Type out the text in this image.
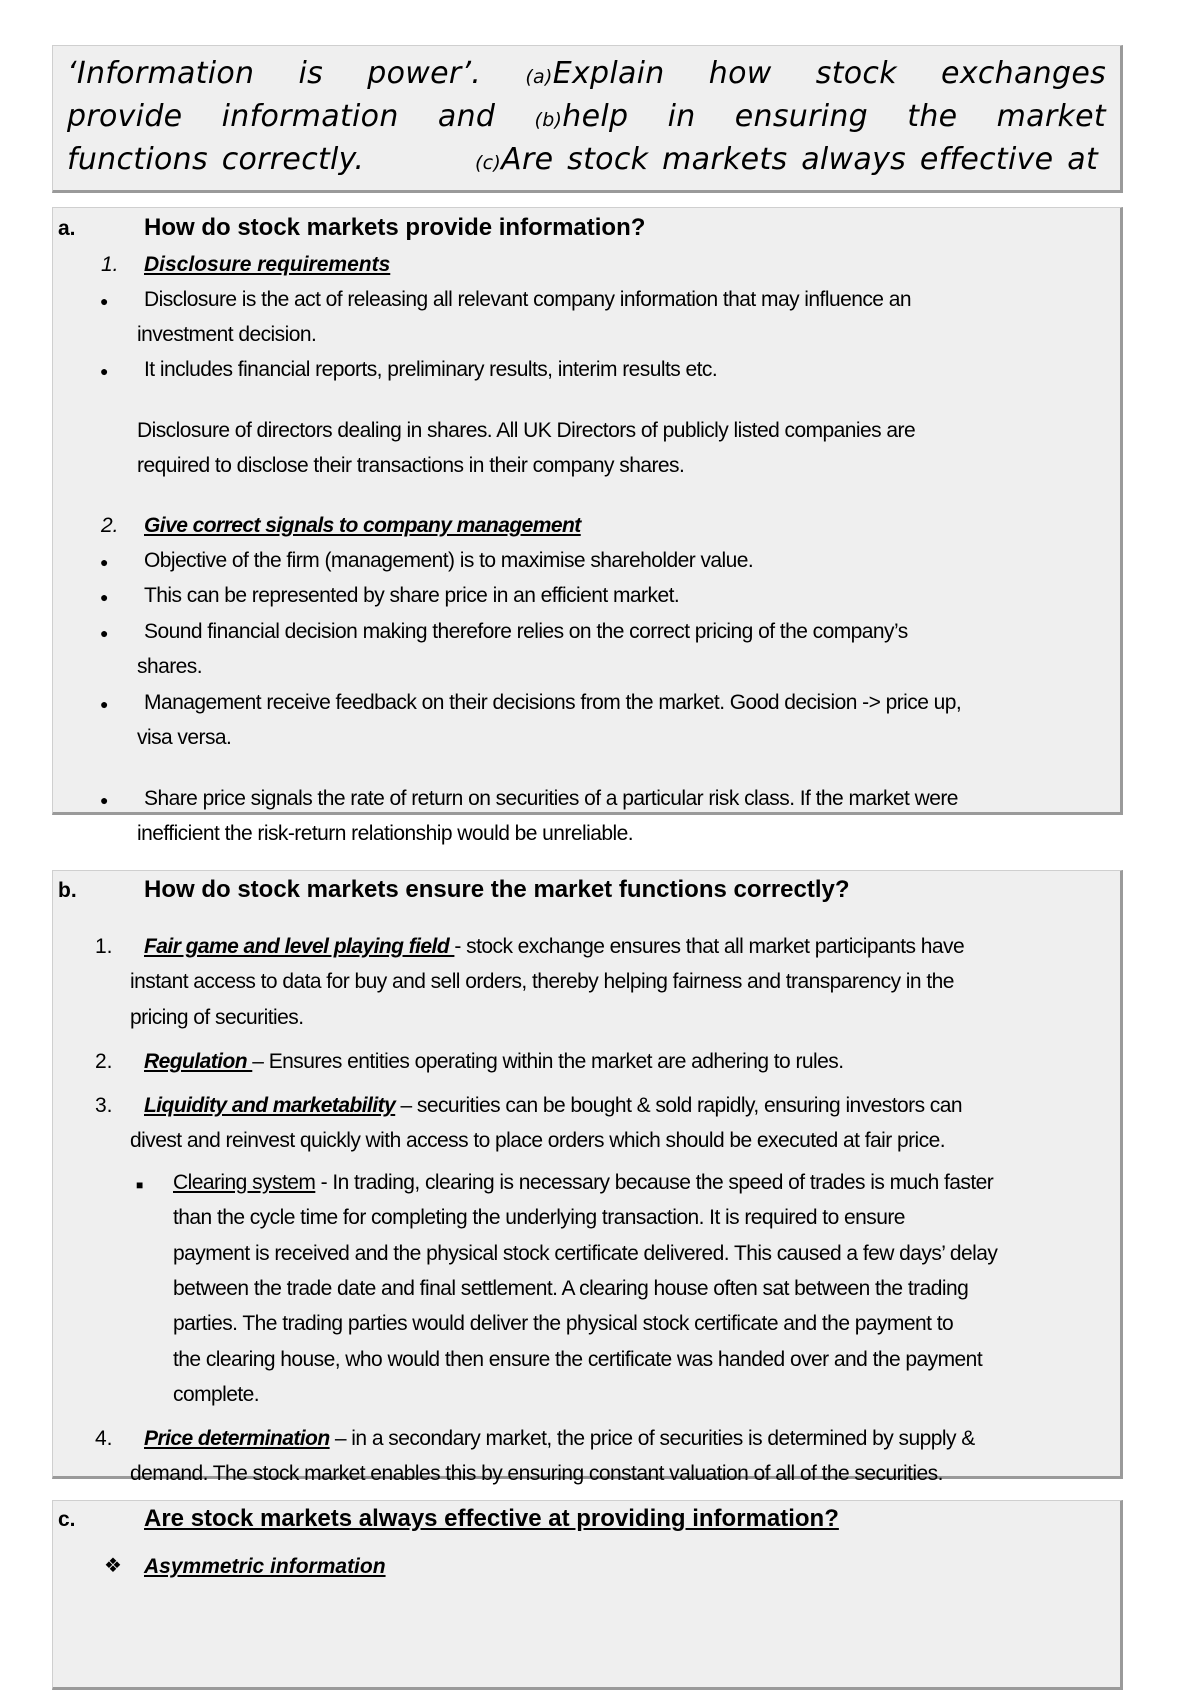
‘Information is power’. (a)Explain how stock exchanges
provide information and (b)help in ensuring the market
functions correctly.	(c)Are stock markets always effective at
a.	How do stock markets provide information?
1. Disclosure requirements
● Disclosure is the act of releasing all relevant company information that may influence an
investment decision.
● It includes financial reports, preliminary results, interim results etc.
Disclosure of directors dealing in shares. All UK Directors of publicly listed companies are
required to disclose their transactions in their company shares.
2. Give correct signals to company management
● Objective of the firm (management) is to maximise shareholder value.
● This can be represented by share price in an efficient market.
● Sound financial decision making therefore relies on the correct pricing of the company’s
shares.
● Management receive feedback on their decisions from the market. Good decision -> price up,
visa versa.
● Share price signals the rate of return on securities of a particular risk class. If the market were
inefficient the risk-return relationship would be unreliable.
b.	How do stock markets ensure the market functions correctly?
1. Fair game and level playing field - stock exchange ensures that all market participants have
instant access to data for buy and sell orders, thereby helping fairness and transparency in the
pricing of securities.
2. Regulation – Ensures entities operating within the market are adhering to rules.
3. Liquidity and marketability – securities can be bought & sold rapidly, ensuring investors can
divest and reinvest quickly with access to place orders which should be executed at fair price.
■ Clearing system - In trading, clearing is necessary because the speed of trades is much faster
than the cycle time for completing the underlying transaction. It is required to ensure
payment is received and the physical stock certificate delivered. This caused a few days’ delay
between the trade date and final settlement. A clearing house often sat between the trading
parties. The trading parties would deliver the physical stock certificate and the payment to
the clearing house, who would then ensure the certificate was handed over and the payment
complete.
4. Price determination – in a secondary market, the price of securities is determined by supply &
demand. The stock market enables this by ensuring constant valuation of all of the securities.
c.	Are stock markets always effective at providing information?
❖ Asymmetric information
